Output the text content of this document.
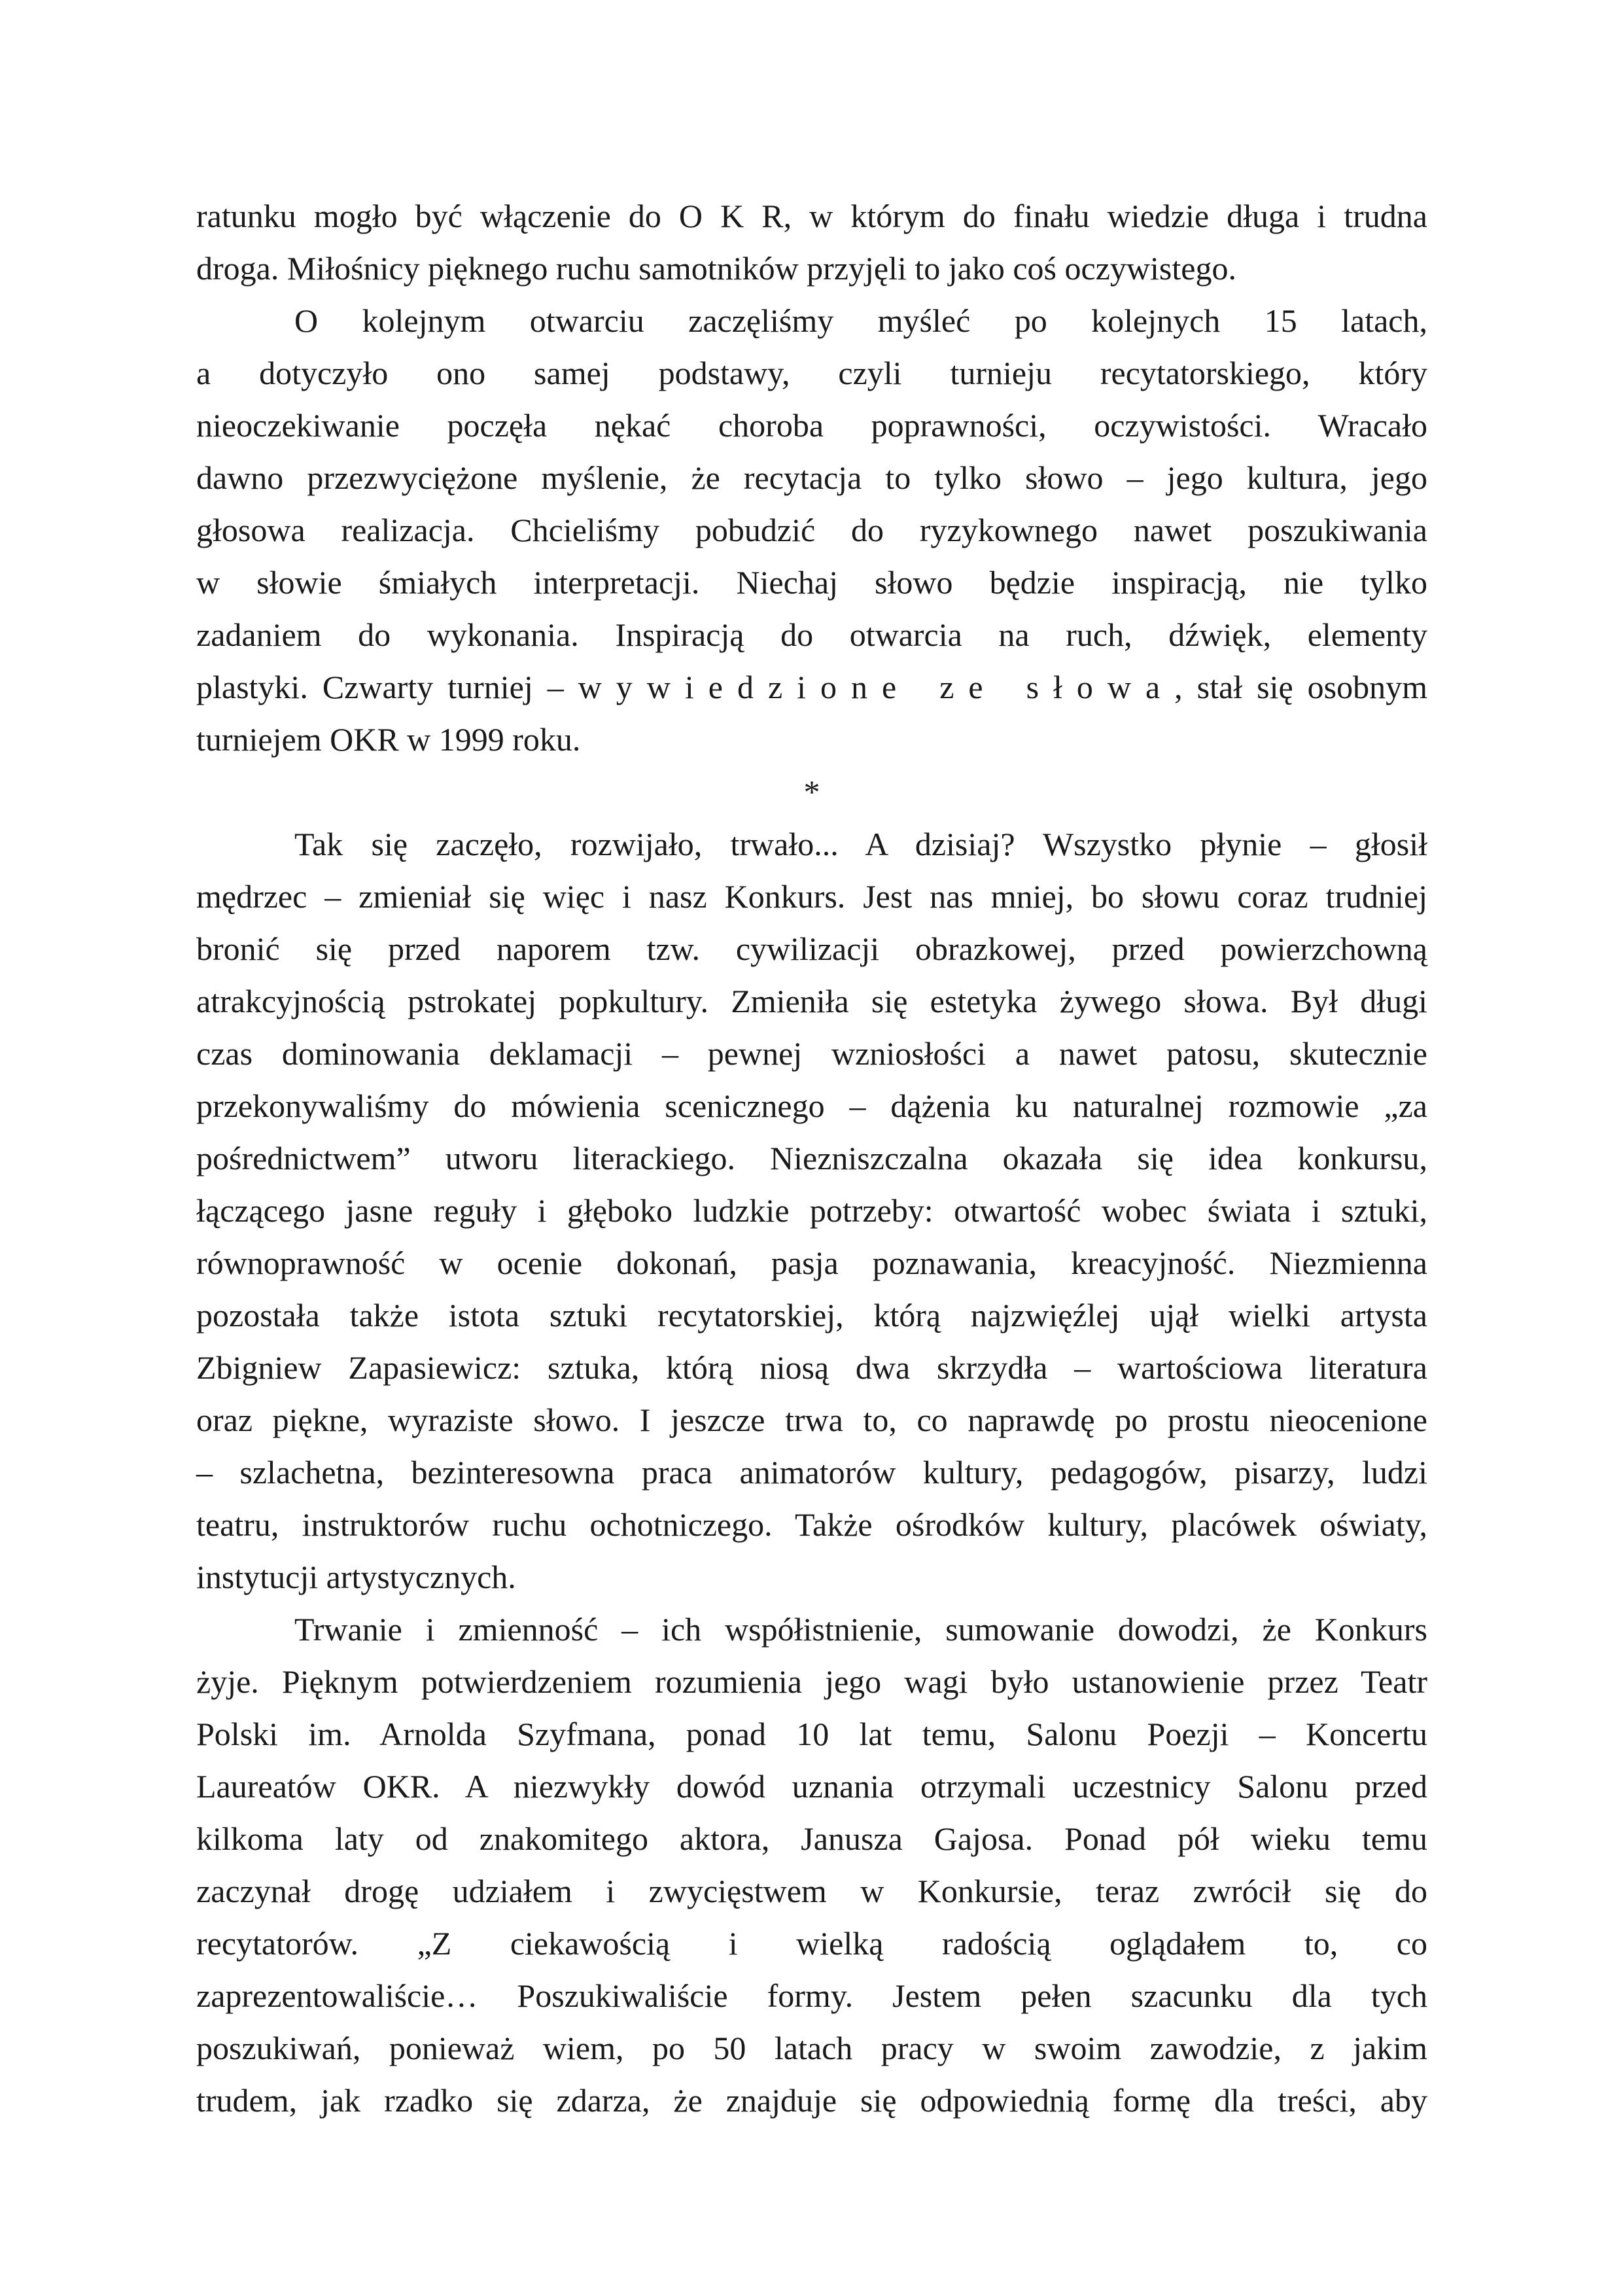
ratunku mogło być włączenie do O K R, w którym do finału wiedzie długa i trudna
droga. Miłośnicy pięknego ruchu samotników przyjęli to jako coś oczywistego.
O kolejnym otwarciu zaczęliśmy myśleć po kolejnych 15 latach,
a dotyczyło ono samej podstawy, czyli turnieju recytatorskiego, który
nieoczekiwanie poczęła nękać choroba poprawności, oczywistości. Wracało
dawno przezwyciężone myślenie, że recytacja to tylko słowo – jego kultura, jego
głosowa realizacja. Chcieliśmy pobudzić do ryzykownego nawet poszukiwania
w słowie śmiałych interpretacji. Niechaj słowo będzie inspiracją, nie tylko
zadaniem do wykonania. Inspiracją do otwarcia na ruch, dźwięk, elementy
plastyki. Czwarty turniej – w y w i e d z i o n e   z e   s ł o w a , stał się osobnym
turniejem OKR w 1999 roku.
*
Tak się zaczęło, rozwijało, trwało... A dzisiaj? Wszystko płynie – głosił
mędrzec – zmieniał się więc i nasz Konkurs. Jest nas mniej, bo słowu coraz trudniej
bronić się przed naporem tzw. cywilizacji obrazkowej, przed powierzchowną
atrakcyjnością pstrokatej popkultury. Zmieniła się estetyka żywego słowa. Był długi
czas dominowania deklamacji – pewnej wzniosłości a nawet patosu, skutecznie
przekonywaliśmy do mówienia scenicznego – dążenia ku naturalnej rozmowie „za
pośrednictwem” utworu literackiego. Niezniszczalna okazała się idea konkursu,
łączącego jasne reguły i głęboko ludzkie potrzeby: otwartość wobec świata i sztuki,
równoprawność w ocenie dokonań, pasja poznawania, kreacyjność. Niezmienna
pozostała także istota sztuki recytatorskiej, którą najzwięźlej ujął wielki artysta
Zbigniew Zapasiewicz: sztuka, którą niosą dwa skrzydła – wartościowa literatura
oraz piękne, wyraziste słowo. I jeszcze trwa to, co naprawdę po prostu nieocenione
– szlachetna, bezinteresowna praca animatorów kultury, pedagogów, pisarzy, ludzi
teatru, instruktorów ruchu ochotniczego. Także ośrodków kultury, placówek oświaty,
instytucji artystycznych.
Trwanie i zmienność – ich współistnienie, sumowanie dowodzi, że Konkurs
żyje. Pięknym potwierdzeniem rozumienia jego wagi było ustanowienie przez Teatr
Polski im. Arnolda Szyfmana, ponad 10 lat temu, Salonu Poezji – Koncertu
Laureatów OKR. A niezwykły dowód uznania otrzymali uczestnicy Salonu przed
kilkoma laty od znakomitego aktora, Janusza Gajosa. Ponad pół wieku temu
zaczynał drogę udziałem i zwycięstwem w Konkursie, teraz zwrócił się do
recytatorów. „Z ciekawością i wielką radością oglądałem to, co
zaprezentowaliście… Poszukiwaliście formy. Jestem pełen szacunku dla tych
poszukiwań, ponieważ wiem, po 50 latach pracy w swoim zawodzie, z jakim
trudem, jak rzadko się zdarza, że znajduje się odpowiednią formę dla treści, aby
